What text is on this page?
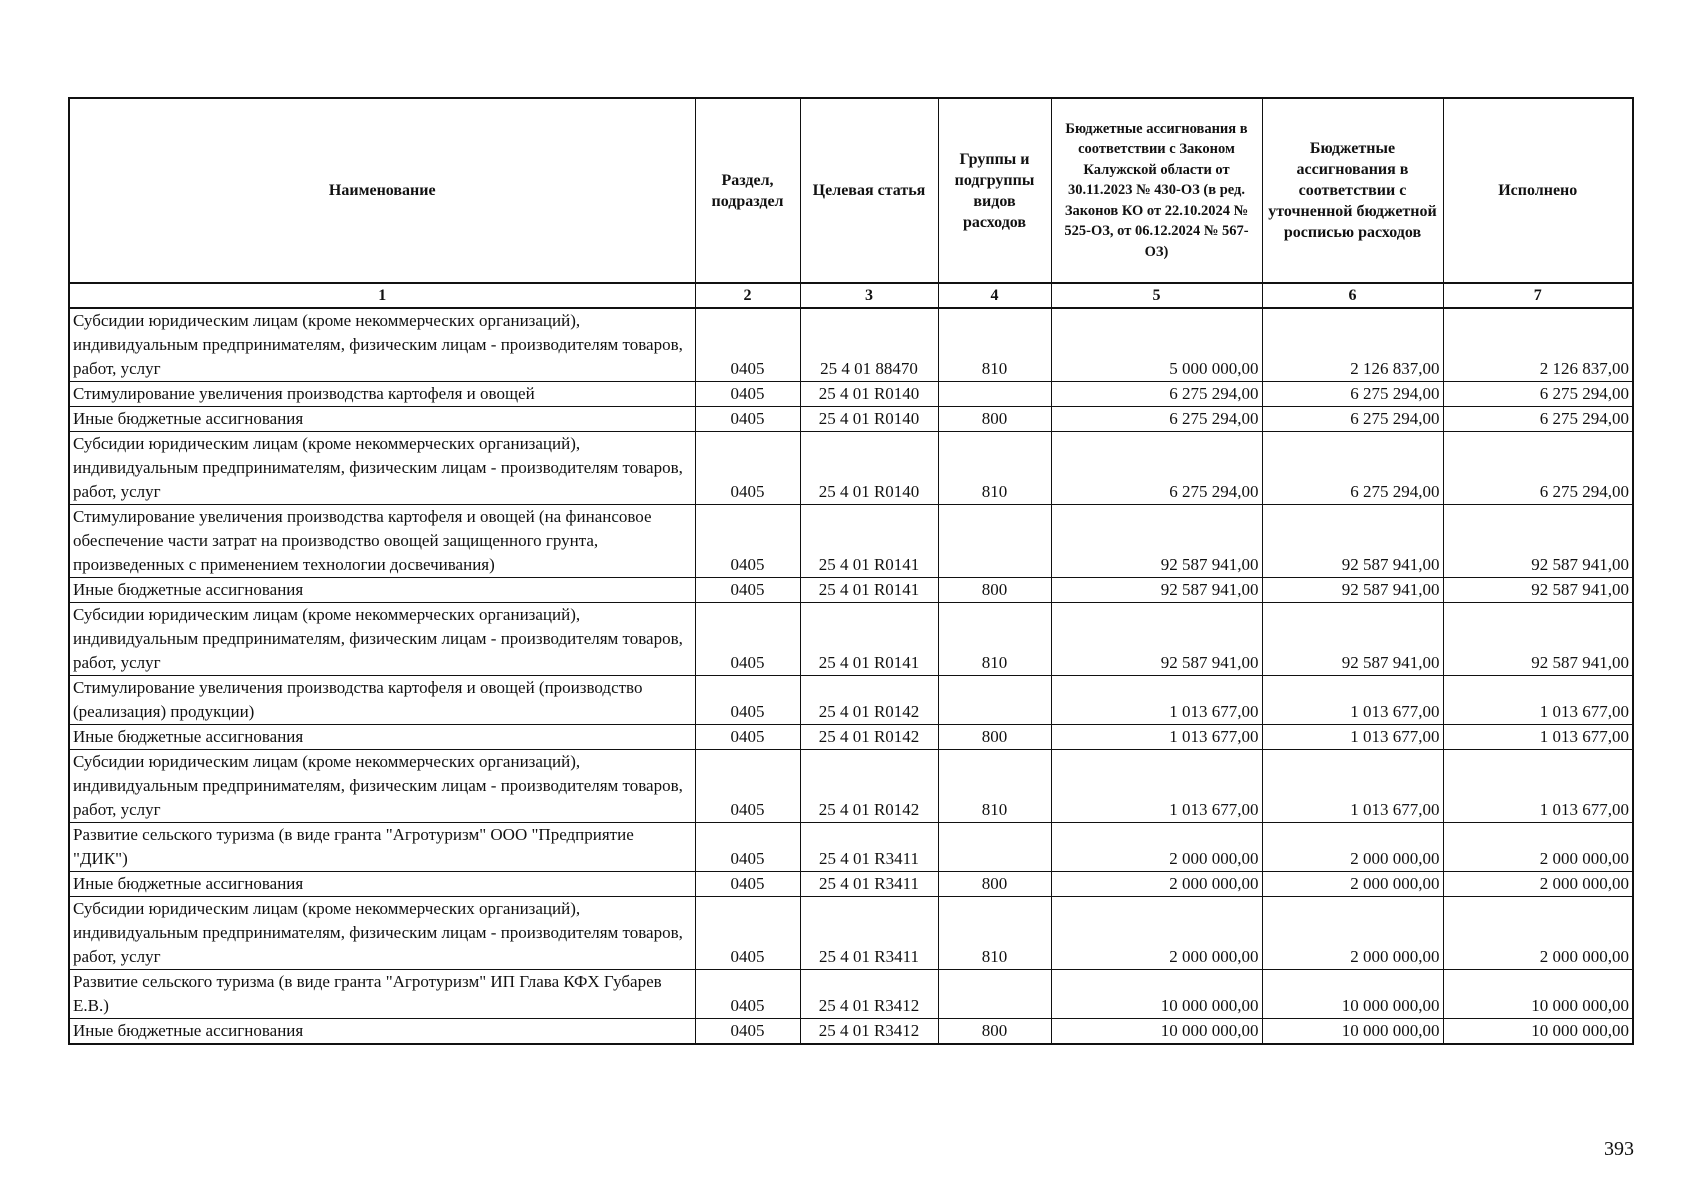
Наименование	Раздел, подраздел	Целевая статья	Группы и подгруппы видов расходов	Бюджетные ассигнования в соответствии с Законом Калужской области от 30.11.2023 № 430-ОЗ (в ред. Законов КО от 22.10.2024 № 525-ОЗ, от 06.12.2024 № 567-ОЗ)	Бюджетные ассигнования в соответствии с уточненной бюджетной росписью расходов	Исполнено
1	2	3	4	5	6	7
Субсидии юридическим лицам (кроме некоммерческих организаций), индивидуальным предпринимателям, физическим лицам - производителям товаров, работ, услуг	0405	25 4 01 88470	810	5 000 000,00	2 126 837,00	2 126 837,00
Стимулирование увеличения производства картофеля и овощей	0405	25 4 01 R0140		6 275 294,00	6 275 294,00	6 275 294,00
Иные бюджетные ассигнования	0405	25 4 01 R0140	800	6 275 294,00	6 275 294,00	6 275 294,00
Субсидии юридическим лицам (кроме некоммерческих организаций), индивидуальным предпринимателям, физическим лицам - производителям товаров, работ, услуг	0405	25 4 01 R0140	810	6 275 294,00	6 275 294,00	6 275 294,00
Стимулирование увеличения производства картофеля и овощей (на финансовое обеспечение части затрат на производство овощей защищенного грунта, произведенных с применением технологии досвечивания)	0405	25 4 01 R0141		92 587 941,00	92 587 941,00	92 587 941,00
Иные бюджетные ассигнования	0405	25 4 01 R0141	800	92 587 941,00	92 587 941,00	92 587 941,00
Субсидии юридическим лицам (кроме некоммерческих организаций), индивидуальным предпринимателям, физическим лицам - производителям товаров, работ, услуг	0405	25 4 01 R0141	810	92 587 941,00	92 587 941,00	92 587 941,00
Стимулирование увеличения производства картофеля и овощей (производство (реализация) продукции)	0405	25 4 01 R0142		1 013 677,00	1 013 677,00	1 013 677,00
Иные бюджетные ассигнования	0405	25 4 01 R0142	800	1 013 677,00	1 013 677,00	1 013 677,00
Субсидии юридическим лицам (кроме некоммерческих организаций), индивидуальным предпринимателям, физическим лицам - производителям товаров, работ, услуг	0405	25 4 01 R0142	810	1 013 677,00	1 013 677,00	1 013 677,00
Развитие сельского туризма (в виде гранта "Агротуризм" ООО "Предприятие "ДИК")	0405	25 4 01 R3411		2 000 000,00	2 000 000,00	2 000 000,00
Иные бюджетные ассигнования	0405	25 4 01 R3411	800	2 000 000,00	2 000 000,00	2 000 000,00
Субсидии юридическим лицам (кроме некоммерческих организаций), индивидуальным предпринимателям, физическим лицам - производителям товаров, работ, услуг	0405	25 4 01 R3411	810	2 000 000,00	2 000 000,00	2 000 000,00
Развитие сельского туризма (в виде гранта "Агротуризм" ИП Глава КФХ Губарев Е.В.)	0405	25 4 01 R3412		10 000 000,00	10 000 000,00	10 000 000,00
Иные бюджетные ассигнования	0405	25 4 01 R3412	800	10 000 000,00	10 000 000,00	10 000 000,00
393
